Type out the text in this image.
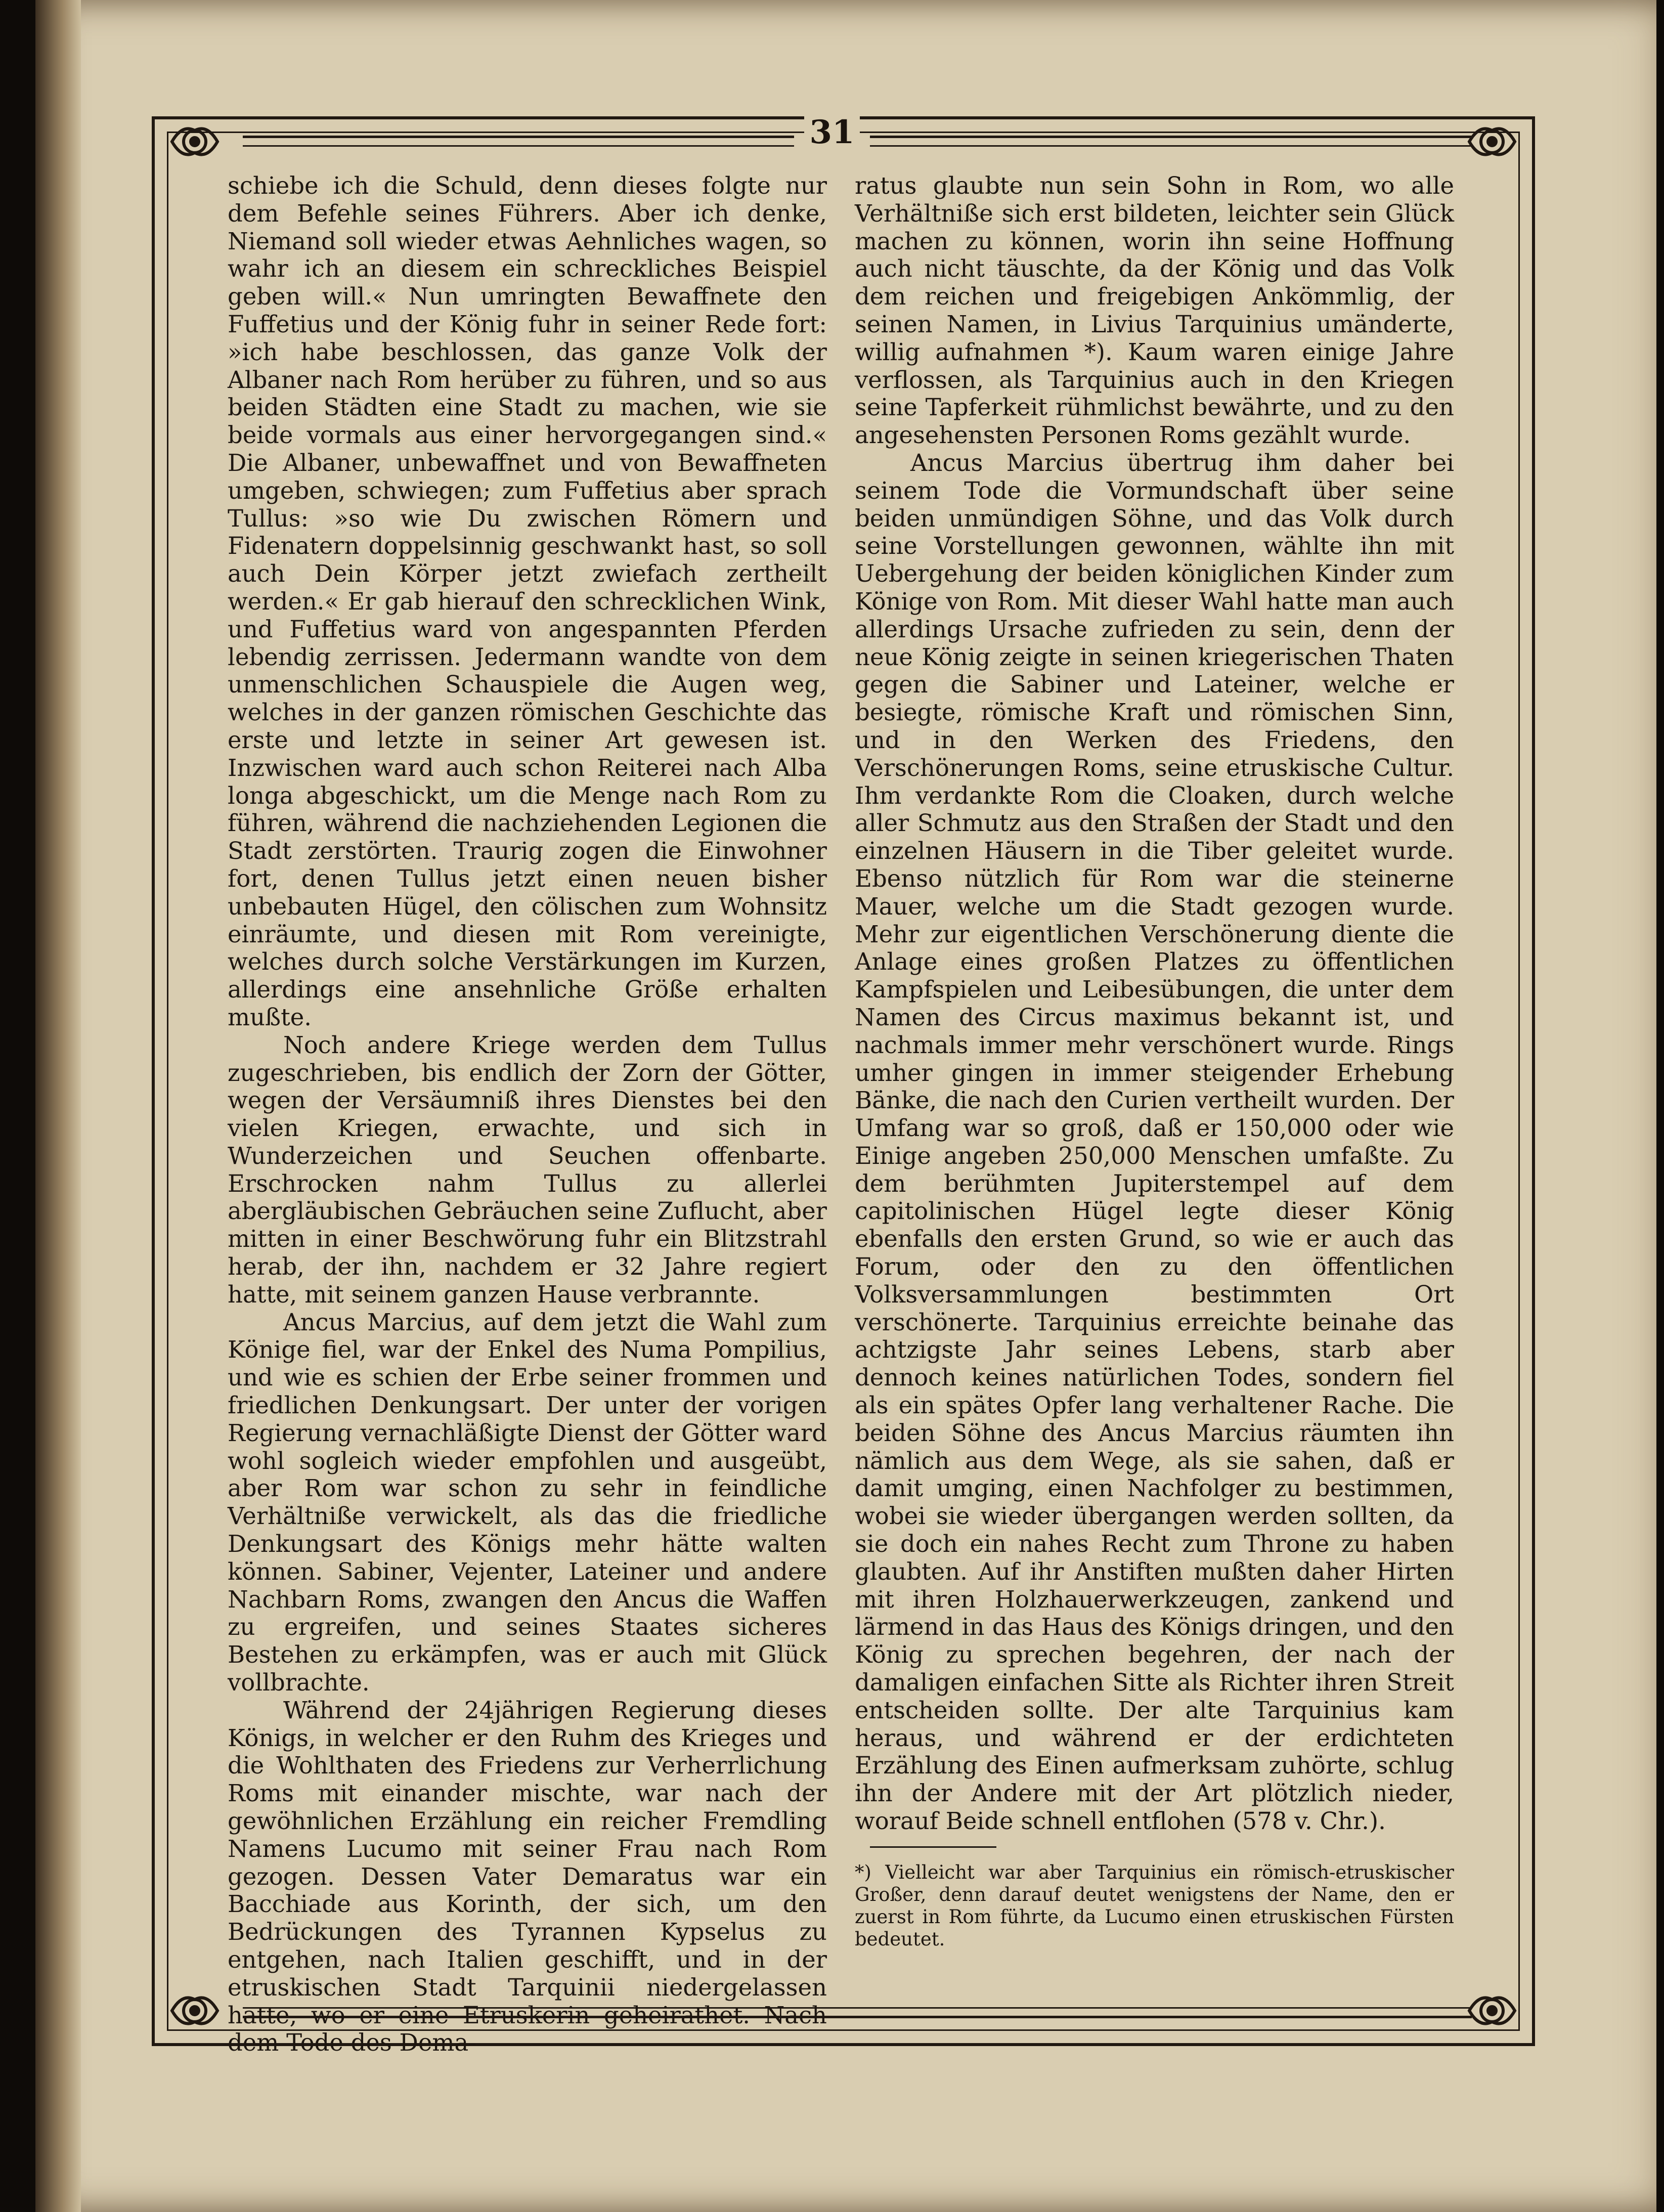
31

schiebe ich die Schuld, denn dieses folgte nur dem Befehle seines Führers. Aber ich denke, Niemand soll wieder etwas Aehnliches wagen, so wahr ich an diesem ein schreckliches Beispiel geben will.« Nun umringten Bewaffnete den Fuffetius und der König fuhr in seiner Rede fort: »ich habe beschlossen, das ganze Volk der Albaner nach Rom herüber zu führen, und so aus beiden Städten eine Stadt zu machen, wie sie beide vormals aus einer hervorgegangen sind.« Die Albaner, unbewaffnet und von Bewaffneten umgeben, schwiegen; zum Fuffetius aber sprach Tullus: »so wie Du zwischen Römern und Fidenatern doppelsinnig geschwankt hast, so soll auch Dein Körper jetzt zwiefach zertheilt werden.« Er gab hierauf den schrecklichen Wink, und Fuffetius ward von angespannten Pferden lebendig zerrissen. Jedermann wandte von dem unmenschlichen Schauspiele die Augen weg, welches in der ganzen römischen Geschichte das erste und letzte in seiner Art gewesen ist. Inzwischen ward auch schon Reiterei nach Alba longa abgeschickt, um die Menge nach Rom zu führen, während die nachziehenden Legionen die Stadt zerstörten. Traurig zogen die Einwohner fort, denen Tullus jetzt einen neuen bisher unbebauten Hügel, den cölischen zum Wohnsitz einräumte, und diesen mit Rom vereinigte, welches durch solche Verstärkungen im Kurzen, allerdings eine ansehnliche Größe erhalten mußte.

Noch andere Kriege werden dem Tullus zugeschrieben, bis endlich der Zorn der Götter, wegen der Versäumniß ihres Dienstes bei den vielen Kriegen, erwachte, und sich in Wunderzeichen und Seuchen offenbarte. Erschrocken nahm Tullus zu allerlei abergläubischen Gebräuchen seine Zuflucht, aber mitten in einer Beschwörung fuhr ein Blitzstrahl herab, der ihn, nachdem er 32 Jahre regiert hatte, mit seinem ganzen Hause verbrannte.

Ancus Marcius, auf dem jetzt die Wahl zum Könige fiel, war der Enkel des Numa Pompilius, und wie es schien der Erbe seiner frommen und friedlichen Denkungsart. Der unter der vorigen Regierung vernachläßigte Dienst der Götter ward wohl sogleich wieder empfohlen und ausgeübt, aber Rom war schon zu sehr in feindliche Verhältniße verwickelt, als das die friedliche Denkungsart des Königs mehr hätte walten können. Sabiner, Vejenter, Lateiner und andere Nachbarn Roms, zwangen den Ancus die Waffen zu ergreifen, und seines Staates sicheres Bestehen zu erkämpfen, was er auch mit Glück vollbrachte.

Während der 24jährigen Regierung dieses Königs, in welcher er den Ruhm des Krieges und die Wohlthaten des Friedens zur Verherrlichung Roms mit einander mischte, war nach der gewöhnlichen Erzählung ein reicher Fremdling Namens Lucumo mit seiner Frau nach Rom gezogen. Dessen Vater Demaratus war ein Bacchiade aus Korinth, der sich, um den Bedrückungen des Tyrannen Kypselus zu entgehen, nach Italien geschifft, und in der etruskischen Stadt Tarquinii niedergelassen hatte, wo er eine Etruskerin geheirathet. Nach dem Tode des Dema-

ratus glaubte nun sein Sohn in Rom, wo alle Verhältniße sich erst bildeten, leichter sein Glück machen zu können, worin ihn seine Hoffnung auch nicht täuschte, da der König und das Volk dem reichen und freigebigen Ankömmlig, der seinen Namen, in Livius Tarquinius umänderte, willig aufnahmen *). Kaum waren einige Jahre verflossen, als Tarquinius auch in den Kriegen seine Tapferkeit rühmlichst bewährte, und zu den angesehensten Personen Roms gezählt wurde.

Ancus Marcius übertrug ihm daher bei seinem Tode die Vormundschaft über seine beiden unmündigen Söhne, und das Volk durch seine Vorstellungen gewonnen, wählte ihn mit Uebergehung der beiden königlichen Kinder zum Könige von Rom. Mit dieser Wahl hatte man auch allerdings Ursache zufrieden zu sein, denn der neue König zeigte in seinen kriegerischen Thaten gegen die Sabiner und Lateiner, welche er besiegte, römische Kraft und römischen Sinn, und in den Werken des Friedens, den Verschönerungen Roms, seine etruskische Cultur. Ihm verdankte Rom die Cloaken, durch welche aller Schmutz aus den Straßen der Stadt und den einzelnen Häusern in die Tiber geleitet wurde. Ebenso nützlich für Rom war die steinerne Mauer, welche um die Stadt gezogen wurde. Mehr zur eigentlichen Verschönerung diente die Anlage eines großen Platzes zu öffentlichen Kampfspielen und Leibesübungen, die unter dem Namen des Circus maximus bekannt ist, und nachmals immer mehr verschönert wurde. Rings umher gingen in immer steigender Erhebung Bänke, die nach den Curien vertheilt wurden. Der Umfang war so groß, daß er 150,000 oder wie Einige angeben 250,000 Menschen umfaßte. Zu dem berühmten Jupiterstempel auf dem capitolinischen Hügel legte dieser König ebenfalls den ersten Grund, so wie er auch das Forum, oder den zu den öffentlichen Volksversammlungen bestimmten Ort verschönerte. Tarquinius erreichte beinahe das achtzigste Jahr seines Lebens, starb aber dennoch keines natürlichen Todes, sondern fiel als ein spätes Opfer lang verhaltener Rache. Die beiden Söhne des Ancus Marcius räumten ihn nämlich aus dem Wege, als sie sahen, daß er damit umging, einen Nachfolger zu bestimmen, wobei sie wieder übergangen werden sollten, da sie doch ein nahes Recht zum Throne zu haben glaubten. Auf ihr Anstiften mußten daher Hirten mit ihren Holzhauerwerkzeugen, zankend und lärmend in das Haus des Königs dringen, und den König zu sprechen begehren, der nach der damaligen einfachen Sitte als Richter ihren Streit entscheiden sollte. Der alte Tarquinius kam heraus, und während er der erdichteten Erzählung des Einen aufmerksam zuhörte, schlug ihn der Andere mit der Art plötzlich nieder, worauf Beide schnell entflohen (578 v. Chr.).

*) Vielleicht war aber Tarquinius ein römisch-etruskischer Großer, denn darauf deutet wenigstens der Name, den er zuerst in Rom führte, da Lucumo einen etruskischen Fürsten bedeutet.
